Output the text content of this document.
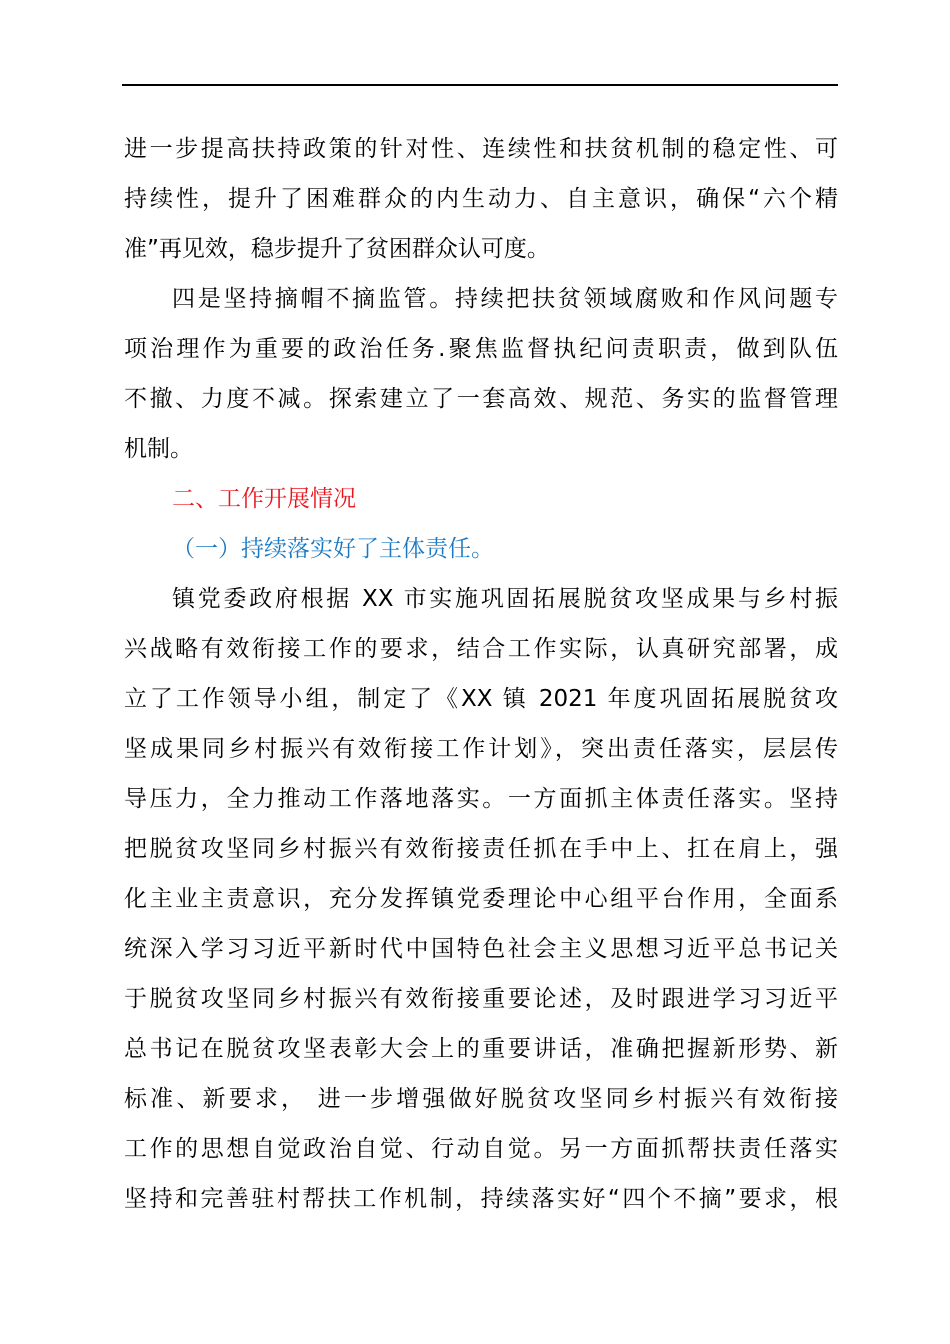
进一步提高扶持政策的针对性、连续性和扶贫机制的稳定性、可
持续性，提升了困难群众的内生动力、自主意识，确保“六个精
准”再见效，稳步提升了贫困群众认可度。
四是坚持摘帽不摘监管。持续把扶贫领域腐败和作风问题专
项治理作为重要的政治任务.聚焦监督执纪问责职责，做到队伍
不撤、力度不减。探索建立了一套高效、规范、务实的监督管理
机制。
二、工作开展情况
（一）持续落实好了主体责任。
镇党委政府根据 XX 市实施巩固拓展脱贫攻坚成果与乡村振
兴战略有效衔接工作的要求，结合工作实际，认真研究部署，成
立了工作领导小组，制定了《XX 镇 2021 年度巩固拓展脱贫攻
坚成果同乡村振兴有效衔接工作计划》，突出责任落实，层层传
导压力，全力推动工作落地落实。一方面抓主体责任落实。坚持
把脱贫攻坚同乡村振兴有效衔接责任抓在手中上、扛在肩上，强
化主业主责意识，充分发挥镇党委理论中心组平台作用，全面系
统深入学习习近平新时代中国特色社会主义思想习近平总书记关
于脱贫攻坚同乡村振兴有效衔接重要论述，及时跟进学习习近平
总书记在脱贫攻坚表彰大会上的重要讲话，准确把握新形势、新
标准、新要求， 进一步增强做好脱贫攻坚同乡村振兴有效衔接
工作的思想自觉政治自觉、行动自觉。另一方面抓帮扶责任落实
坚持和完善驻村帮扶工作机制，持续落实好“四个不摘”要求，根
